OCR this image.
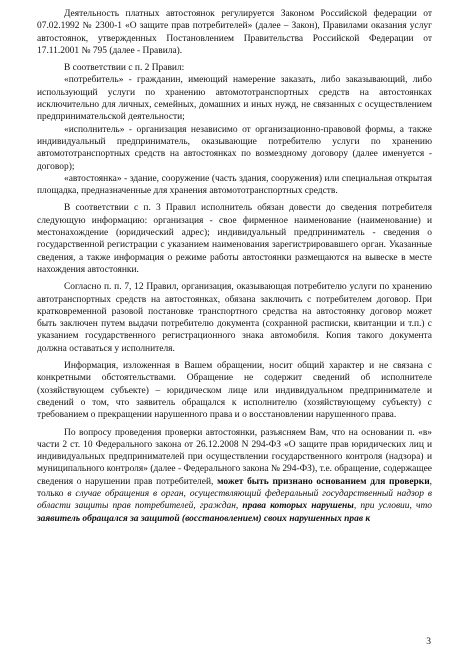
Деятельность платных автостоянок регулируется Законом Российской федерации от 07.02.1992 № 2300-1 «О защите прав потребителей» (далее – Закон), Правилами оказания услуг автостоянок, утвержденных Постановлением Правительства Российской Федерации от 17.11.2001 № 795 (далее - Правила).

В соответствии с п. 2 Правил:

«потребитель» - гражданин, имеющий намерение заказать, либо заказывающий, либо использующий услуги по хранению автомототранспортных средств на автостоянках исключительно для личных, семейных, домашних и иных нужд, не связанных с осуществлением предпринимательской деятельности;

«исполнитель» - организация независимо от организационно-правовой формы, а также индивидуальный предприниматель, оказывающие потребителю услуги по хранению автомототранспортных средств на автостоянках по возмездному договору (далее именуется - договор);

«автостоянка» - здание, сооружение (часть здания, сооружения) или специальная открытая площадка, предназначенные для хранения автомототранспортных средств.

В соответствии с п. 3 Правил исполнитель обязан довести до сведения потребителя следующую информацию: организация - свое фирменное наименование (наименование) и местонахождение (юридический адрес); индивидуальный предприниматель - сведения о государственной регистрации с указанием наименования зарегистрировавшего орган. Указанные сведения, а также информация о режиме работы автостоянки размещаются на вывеске в месте нахождения автостоянки.

Согласно п. п. 7, 12 Правил, организация, оказывающая потребителю услуги по хранению автотранспортных средств на автостоянках, обязана заключить с потребителем договор. При кратковременной разовой постановке транспортного средства на автостоянку договор может быть заключен путем выдачи потребителю документа (сохранной расписки, квитанции и т.п.) с указанием государственного регистрационного знака автомобиля. Копия такого документа должна оставаться у исполнителя.

Информация, изложенная в Вашем обращении, носит общий характер и не связана с конкретными обстоятельствами. Обращение не содержит сведений об исполнителе (хозяйствующем субъекте) – юридическом лице или индивидуальном предпринимателе и сведений о том, что заявитель обращался к исполнителю (хозяйствующему субъекту) с требованием о прекращении нарушенного права и о восстановлении нарушенного права.

По вопросу проведения проверки автостоянки, разъясняем Вам, что на основании п. «в» части 2 ст. 10 Федерального закона от 26.12.2008 N 294-ФЗ «О защите прав юридических лиц и индивидуальных предпринимателей при осуществлении государственного контроля (надзора) и муниципального контроля» (далее - Федерального закона № 294-ФЗ), т.е. обращение, содержащее сведения о нарушении прав потребителей, может быть признано основанием для проверки, только в случае обращения в орган, осуществляющий федеральный государственный надзор в области защиты прав потребителей, граждан, права которых нарушены, при условии, что заявитель обращался за защитой (восстановлением) своих нарушенных прав к

3
